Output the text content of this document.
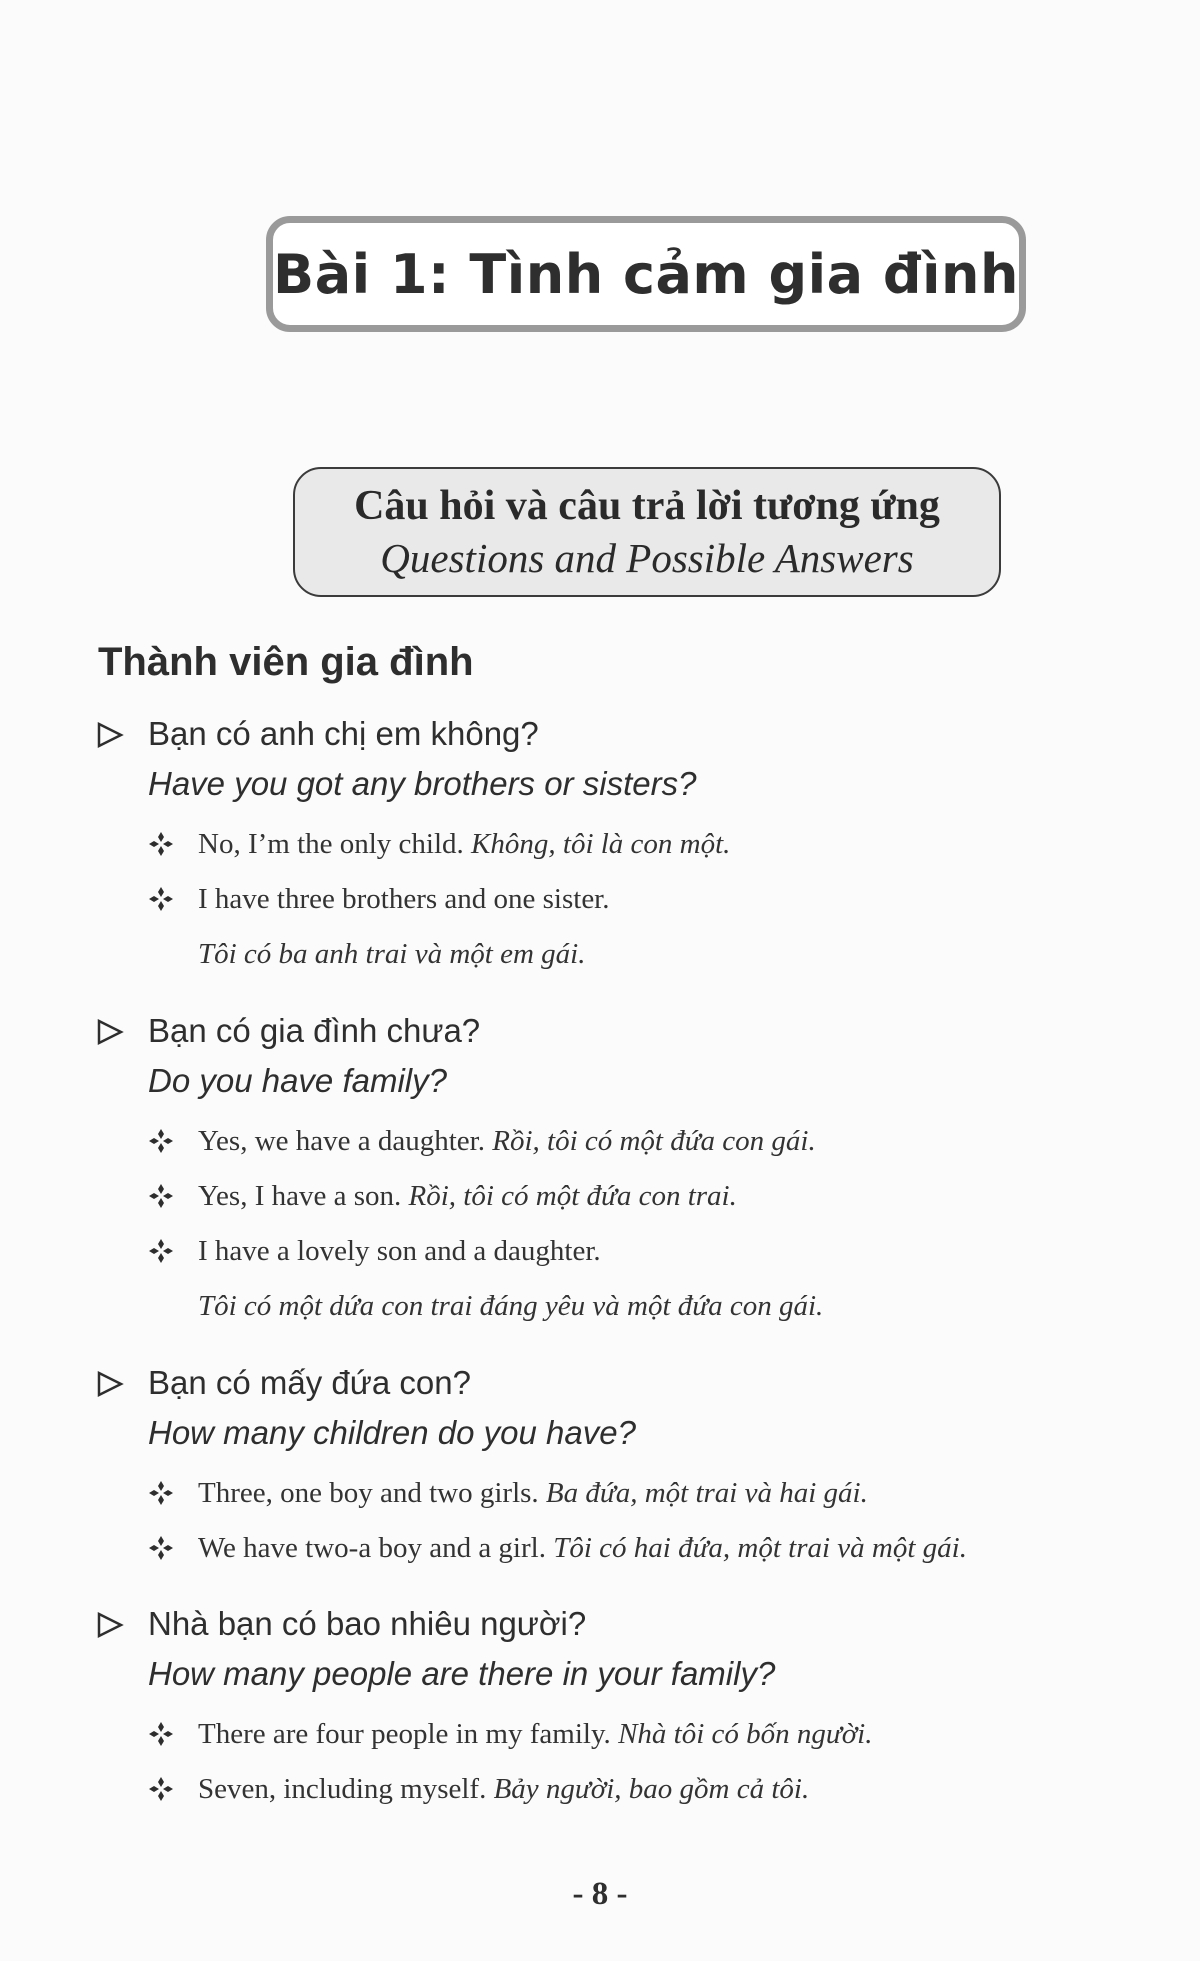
Bài 1: Tình cảm gia đình
Câu hỏi và câu trả lời tương ứng
Questions and Possible Answers
Thành viên gia đình
Bạn có anh chị em không?
Have you got any brothers or sisters?
No, I’m the only child. Không, tôi là con một.
I have three brothers and one sister.
Tôi có ba anh trai và một em gái.
Bạn có gia đình chưa?
Do you have family?
Yes, we have a daughter. Rồi, tôi có một đứa con gái.
Yes, I have a son. Rồi, tôi có một đứa con trai.
I have a lovely son and a daughter.
Tôi có một dứa con trai đáng yêu và một đứa con gái.
Bạn có mấy đứa con?
How many children do you have?
Three, one boy and two girls. Ba đứa, một trai và hai gái.
We have two-a boy and a girl. Tôi có hai đứa, một trai và một gái.
Nhà bạn có bao nhiêu người?
How many people are there in your family?
There are four people in my family. Nhà tôi có bốn người.
Seven, including myself. Bảy người, bao gồm cả tôi.
- 8 -
